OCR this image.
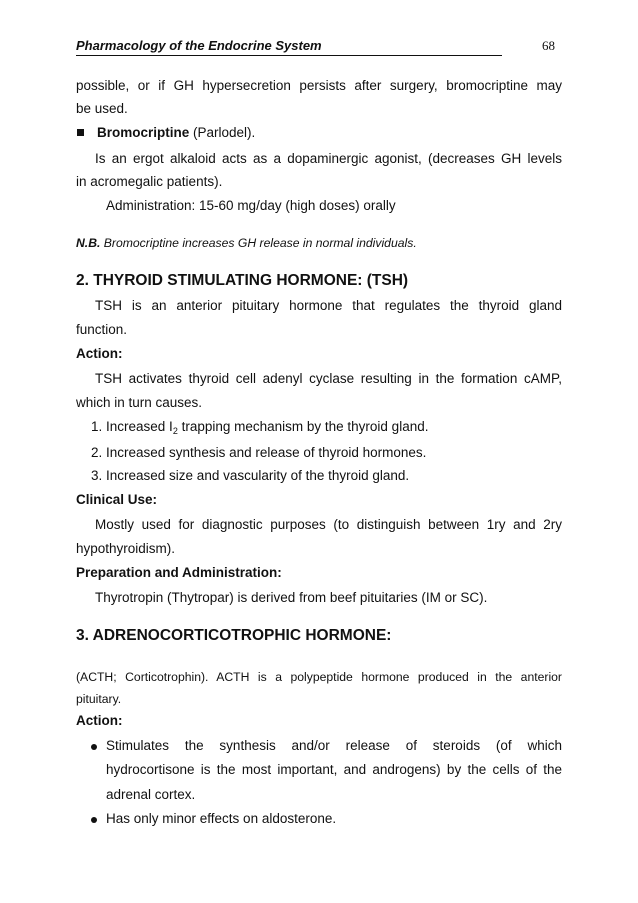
Pharmacology of the Endocrine System	68
possible, or if GH hypersecretion persists after surgery, bromocriptine may
be used.
Bromocriptine (Parlodel).
Is an ergot alkaloid acts as a dopaminergic agonist, (decreases GH levels
in acromegalic patients).
Administration: 15-60 mg/day (high doses) orally
N.B. Bromocriptine increases GH release in normal individuals.
2. THYROID STIMULATING HORMONE: (TSH)
TSH is an anterior pituitary hormone that regulates the thyroid gland
function.
Action:
TSH activates thyroid cell adenyl cyclase resulting in the formation cAMP,
which in turn causes.
1. Increased $I_2$ trapping mechanism by the thyroid gland.
2. Increased synthesis and release of thyroid hormones.
3. Increased size and vascularity of the thyroid gland.
Clinical Use:
Mostly used for diagnostic purposes (to distinguish between 1ry and 2ry
hypothyroidism).
Preparation and Administration:
Thyrotropin (Thytropar) is derived from beef pituitaries (IM or SC).
3. ADRENOCORTICOTROPHIC HORMONE:
(ACTH; Corticotrophin). ACTH is a polypeptide hormone produced in the anterior
pituitary.
Action:
Stimulates the synthesis and/or release of steroids (of which
hydrocortisone is the most important, and androgens) by the cells of the
adrenal cortex.
Has only minor effects on aldosterone.
